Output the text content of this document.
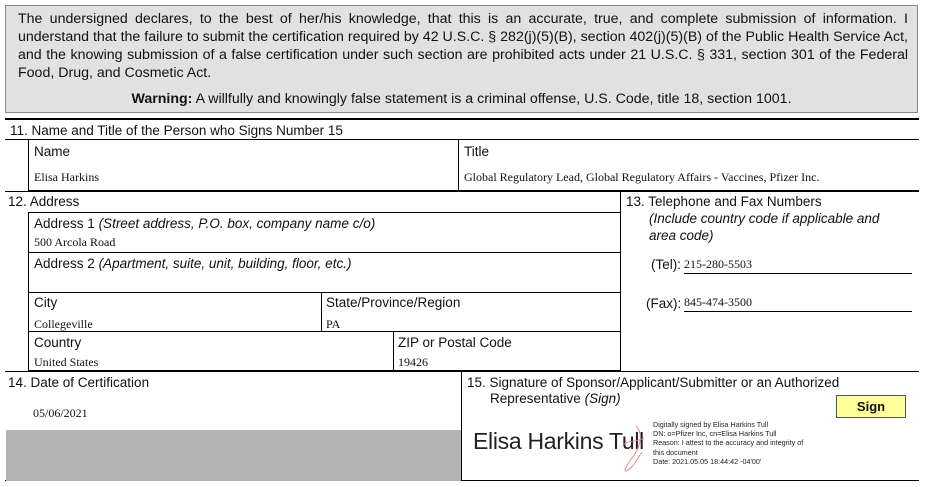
The undersigned declares, to the best of her/his knowledge, that this is an accurate, true, and complete submission of information. I understand that the failure to submit the certification required by 42 U.S.C. § 282(j)(5)(B), section 402(j)(5)(B) of the Public Health Service Act, and the knowing submission of a false certification under such section are prohibited acts under 21 U.S.C. § 331, section 301 of the Federal Food, Drug, and Cosmetic Act.
Warning: A willfully and knowingly false statement is a criminal offense, U.S. Code, title 18, section 1001.
11. Name and Title of the Person who Signs Number 15
Name
Elisa Harkins
Title
Global Regulatory Lead, Global Regulatory Affairs - Vaccines, Pfizer Inc.
12. Address
Address 1 (Street address, P.O. box, company name c/o)
500 Arcola Road
Address 2 (Apartment, suite, unit, building, floor, etc.)
City
Collegeville
State/Province/Region
PA
Country
United States
ZIP or Postal Code
19426
13. Telephone and Fax Numbers
(Include country code if applicable and
area code)
(Tel): 215-280-5503
(Fax): 845-474-3500
14. Date of Certification
05/06/2021
15. Signature of Sponsor/Applicant/Submitter or an Authorized
Representative (Sign)
Sign
Elisa Harkins Tull
Digitally signed by Elisa Harkins Tull
DN: o=Pfizer Inc, cn=Elisa Harkins Tull
Reason: I attest to the accuracy and integrity of
this document
Date: 2021.05.05 18:44:42 -04'00'
